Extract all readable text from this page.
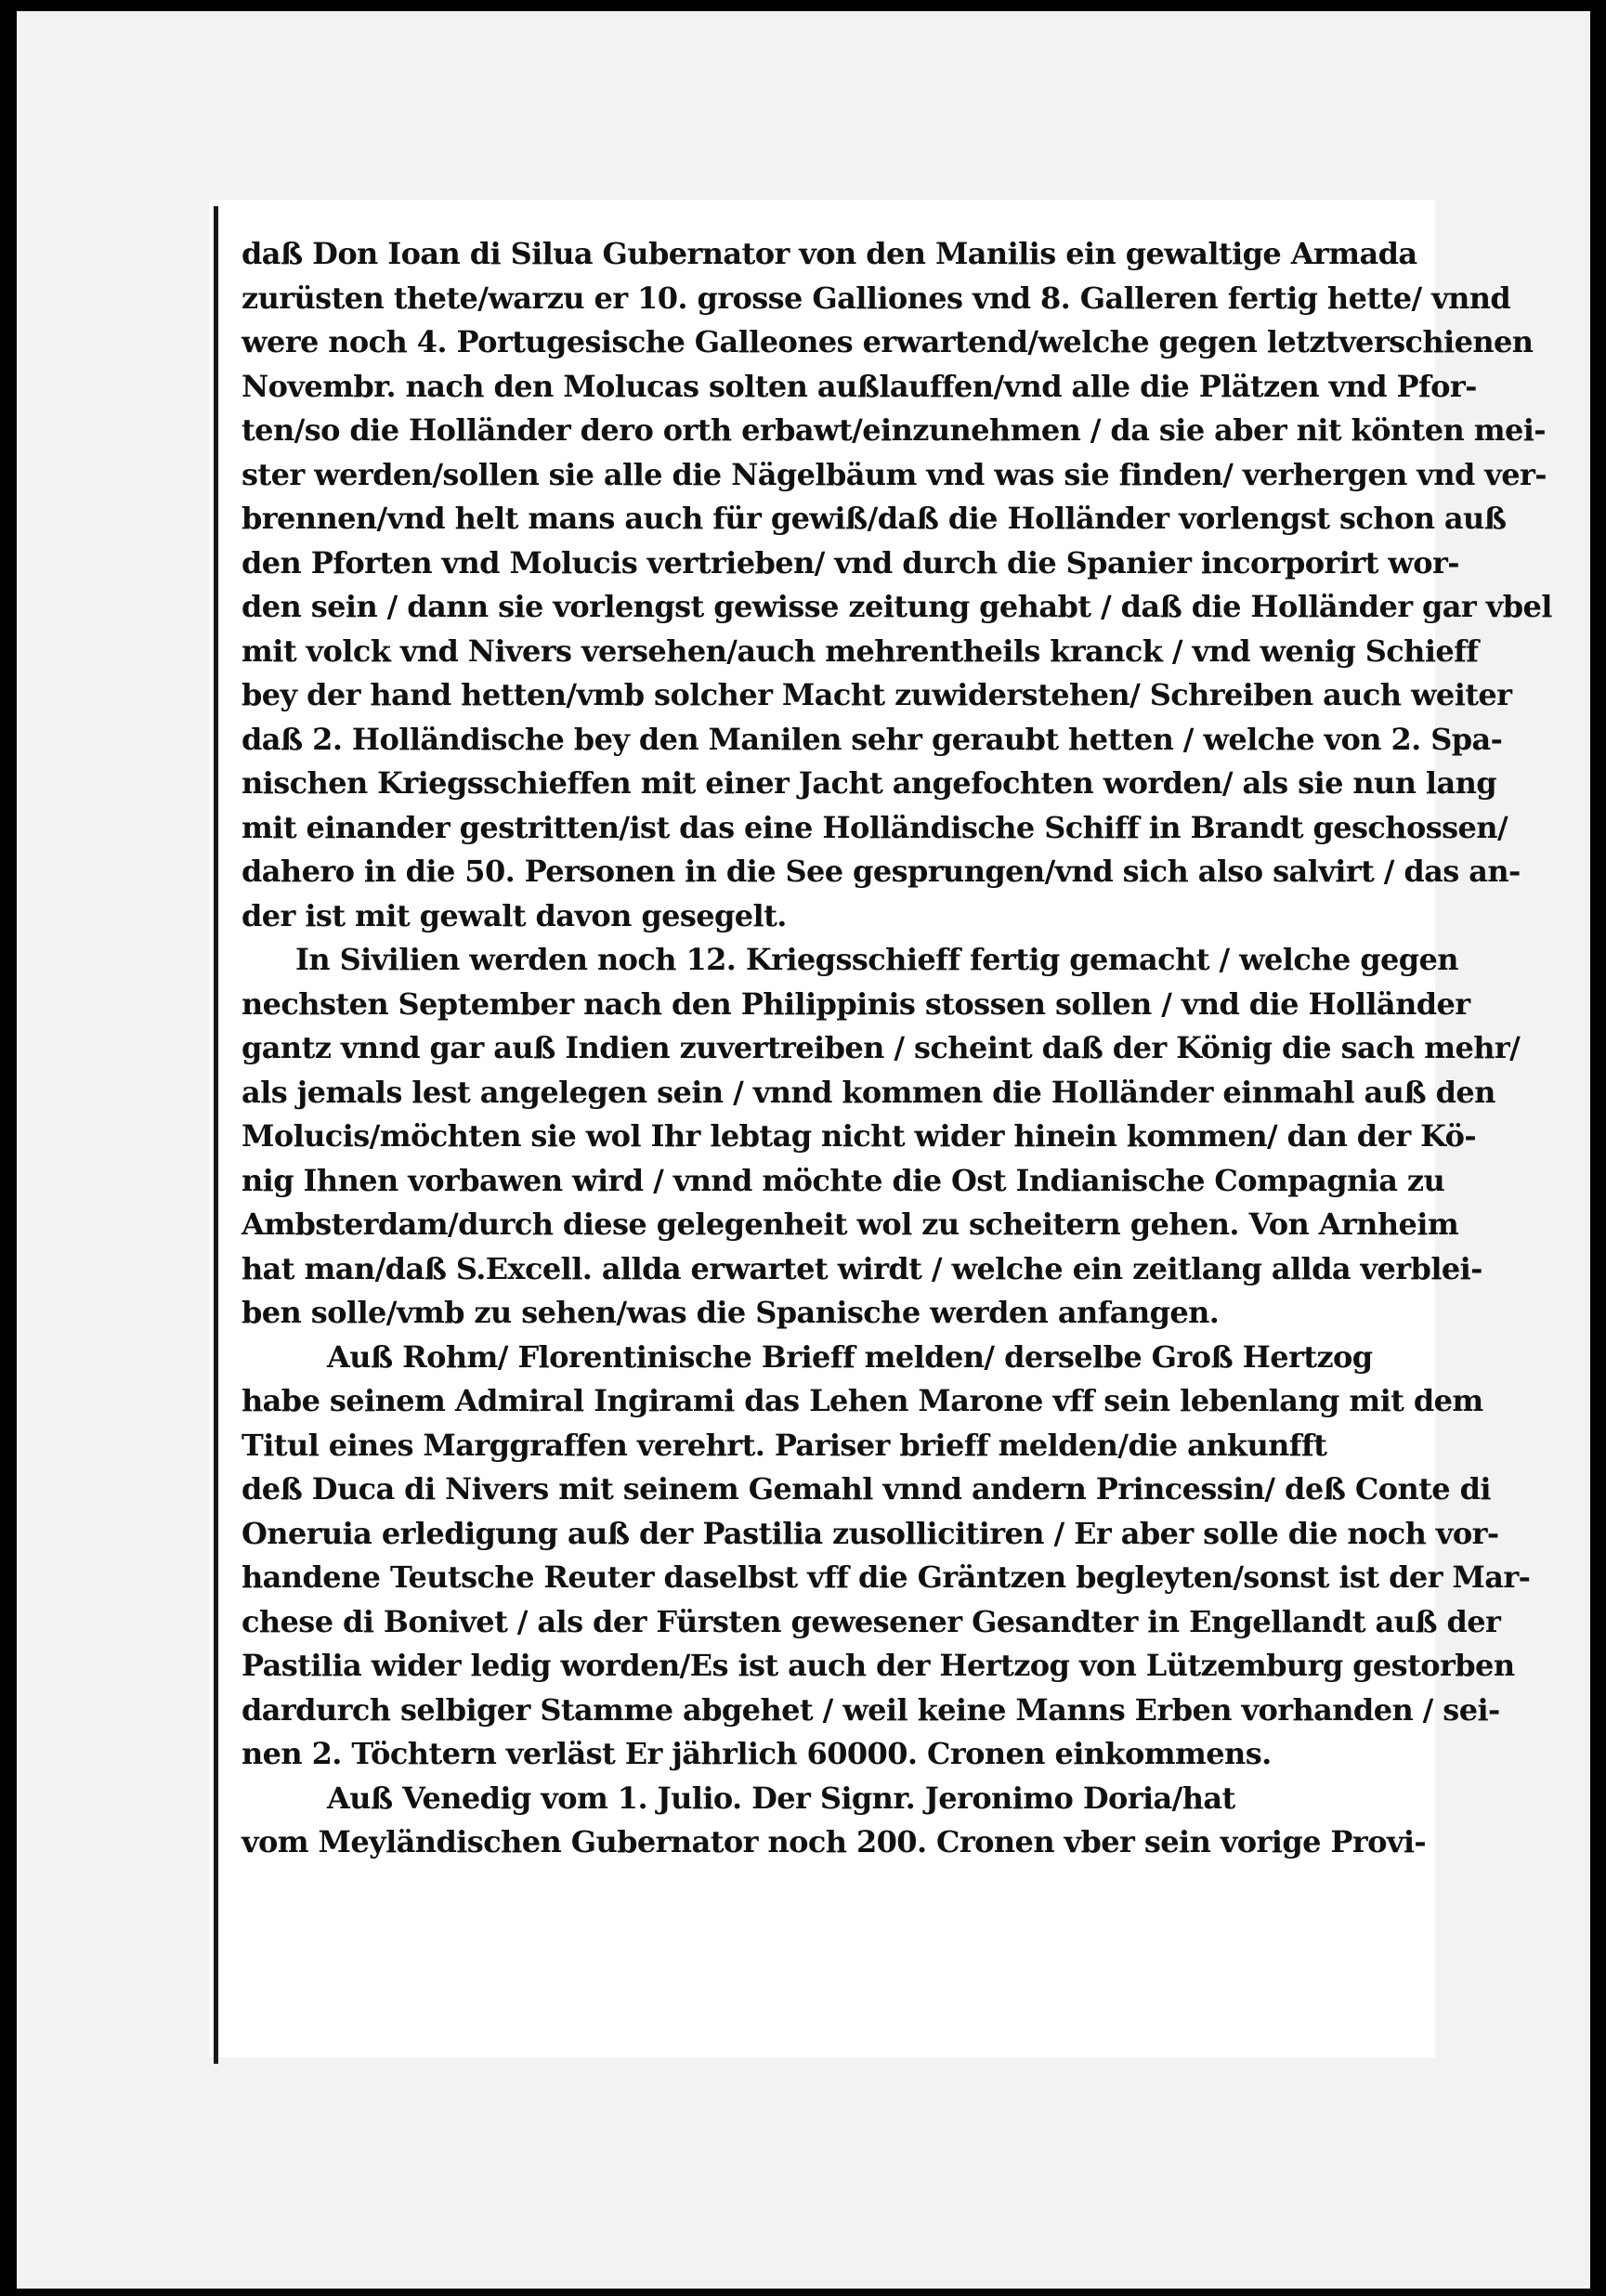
daß Don Ioan di Silua Gubernator von den Manilis ein gewaltige Armada
zurüsten thete/warzu er 10. grosse Galliones vnd 8. Galleren fertig hette/ vnnd
were noch 4. Portugesische Galleones erwartend/welche gegen letztverschienen
Novembr. nach den Molucas solten außlauffen/vnd alle die Plätzen vnd Pfor-
ten/so die Holländer dero orth erbawt/einzunehmen / da sie aber nit könten mei-
ster werden/sollen sie alle die Nägelbäum vnd was sie finden/ verhergen vnd ver-
brennen/vnd helt mans auch für gewiß/daß die Holländer vorlengst schon auß
den Pforten vnd Molucis vertrieben/ vnd durch die Spanier incorporirt wor-
den sein / dann sie vorlengst gewisse zeitung gehabt / daß die Holländer gar vbel
mit volck vnd Nivers versehen/auch mehrentheils kranck / vnd wenig Schieff
bey der hand hetten/vmb solcher Macht zuwiderstehen/ Schreiben auch weiter
daß 2. Holländische bey den Manilen sehr geraubt hetten / welche von 2. Spa-
nischen Kriegsschieffen mit einer Jacht angefochten worden/ als sie nun lang
mit einander gestritten/ist das eine Holländische Schiff in Brandt geschossen/
dahero in die 50. Personen in die See gesprungen/vnd sich also salvirt / das an-
der ist mit gewalt davon gesegelt.
In Sivilien werden noch 12. Kriegsschieff fertig gemacht / welche gegen
nechsten September nach den Philippinis stossen sollen / vnd die Holländer
gantz vnnd gar auß Indien zuvertreiben / scheint daß der König die sach mehr/
als jemals lest angelegen sein / vnnd kommen die Holländer einmahl auß den
Molucis/möchten sie wol Ihr lebtag nicht wider hinein kommen/ dan der Kö-
nig Ihnen vorbawen wird / vnnd möchte die Ost Indianische Compagnia zu
Ambsterdam/durch diese gelegenheit wol zu scheitern gehen. Von Arnheim
hat man/daß S.Excell. allda erwartet wirdt / welche ein zeitlang allda verblei-
ben solle/vmb zu sehen/was die Spanische werden anfangen.
Auß Rohm/ Florentinische Brieff melden/ derselbe Groß Hertzog
habe seinem Admiral Ingirami das Lehen Marone vff sein lebenlang mit dem
Titul eines Marggraffen verehrt. Pariser brieff melden/die ankunfft
deß Duca di Nivers mit seinem Gemahl vnnd andern Princessin/ deß Conte di
Oneruia erledigung auß der Pastilia zusollicitiren / Er aber solle die noch vor-
handene Teutsche Reuter daselbst vff die Gräntzen begleyten/sonst ist der Mar-
chese di Bonivet / als der Fürsten gewesener Gesandter in Engellandt auß der
Pastilia wider ledig worden/Es ist auch der Hertzog von Lützemburg gestorben
dardurch selbiger Stamme abgehet / weil keine Manns Erben vorhanden / sei-
nen 2. Töchtern verläst Er jährlich 60000. Cronen einkommens.
Auß Venedig vom 1. Julio. Der Signr. Jeronimo Doria/hat
vom Meyländischen Gubernator noch 200. Cronen vber sein vorige Provi-
